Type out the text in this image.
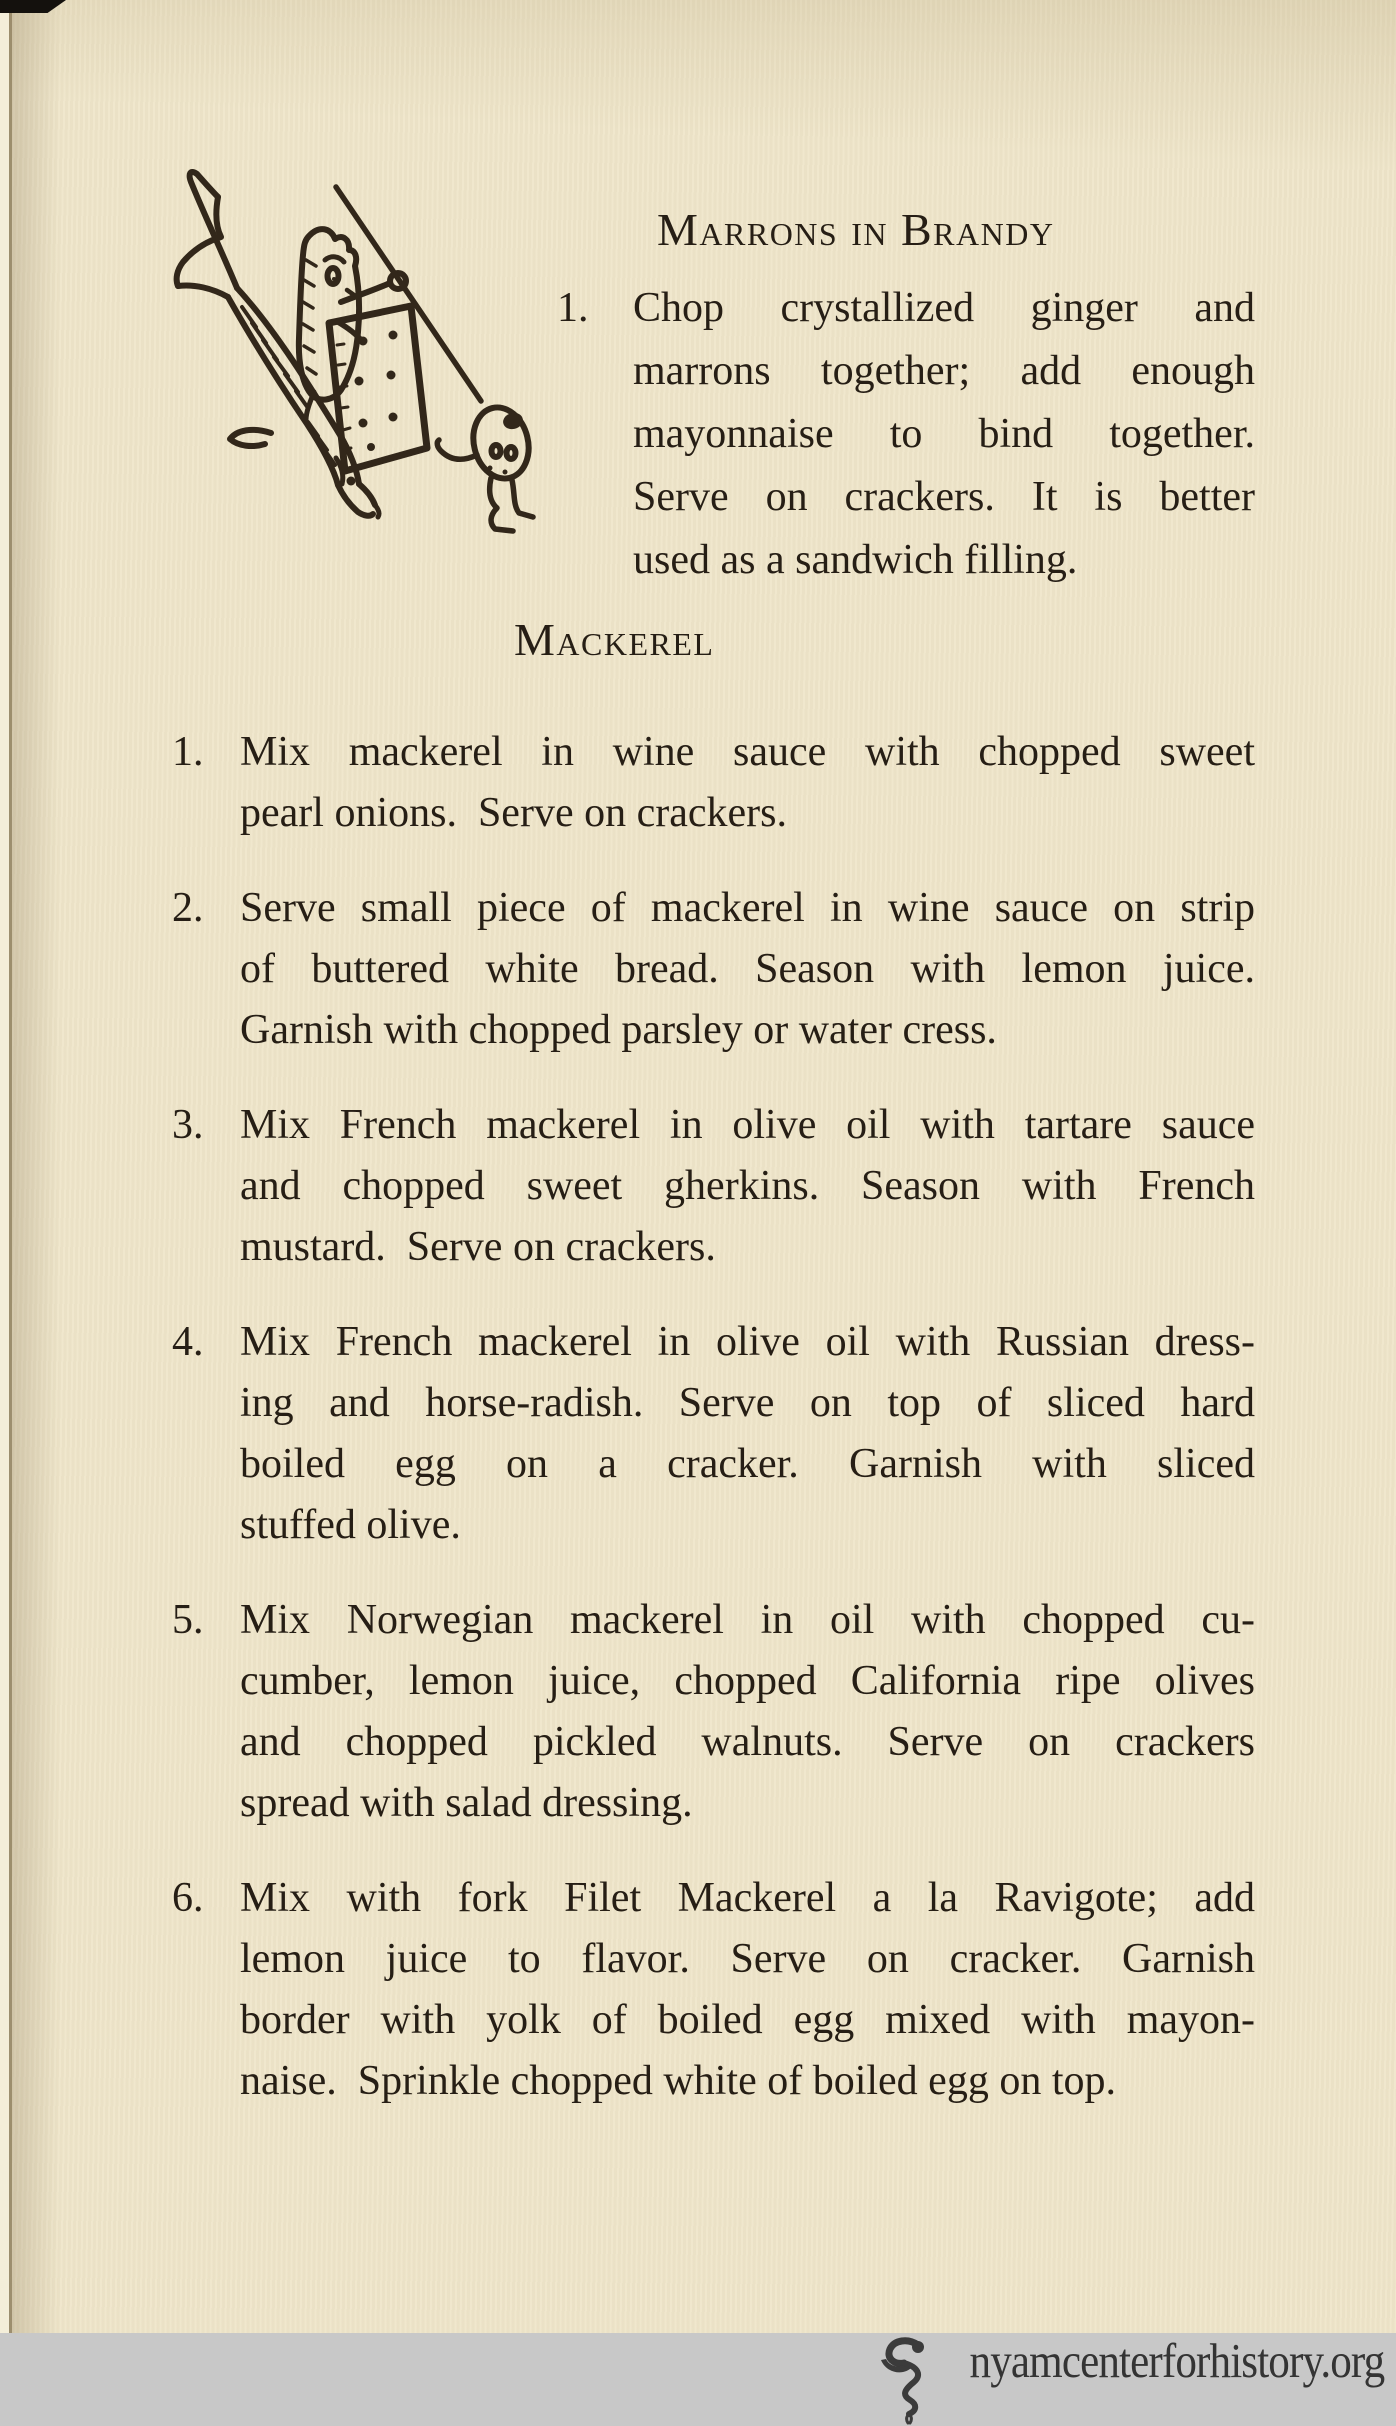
Marrons in Brandy
1.	Chop crystallized ginger and
marrons together; add enough
mayonnaise to bind together.
Serve on crackers. It is better
used as a sandwich filling.
Mackerel
1. Mix mackerel in wine sauce with chopped sweet
pearl onions.  Serve on crackers.
2. Serve small piece of mackerel in wine sauce on strip
of buttered white bread. Season with lemon juice.
Garnish with chopped parsley or water cress.
3. Mix French mackerel in olive oil with tartare sauce
and chopped sweet gherkins. Season with French
mustard.  Serve on crackers.
4. Mix French mackerel in olive oil with Russian dress-
ing and horse-radish. Serve on top of sliced hard
boiled egg on a cracker. Garnish with sliced
stuffed olive.
5. Mix Norwegian mackerel in oil with chopped cu-
cumber, lemon juice, chopped California ripe olives
and chopped pickled walnuts. Serve on crackers
spread with salad dressing.
6. Mix with fork Filet Mackerel a la Ravigote; add
lemon juice to flavor. Serve on cracker. Garnish
border with yolk of boiled egg mixed with mayon-
naise.  Sprinkle chopped white of boiled egg on top.
nyamcenterforhistory.org
